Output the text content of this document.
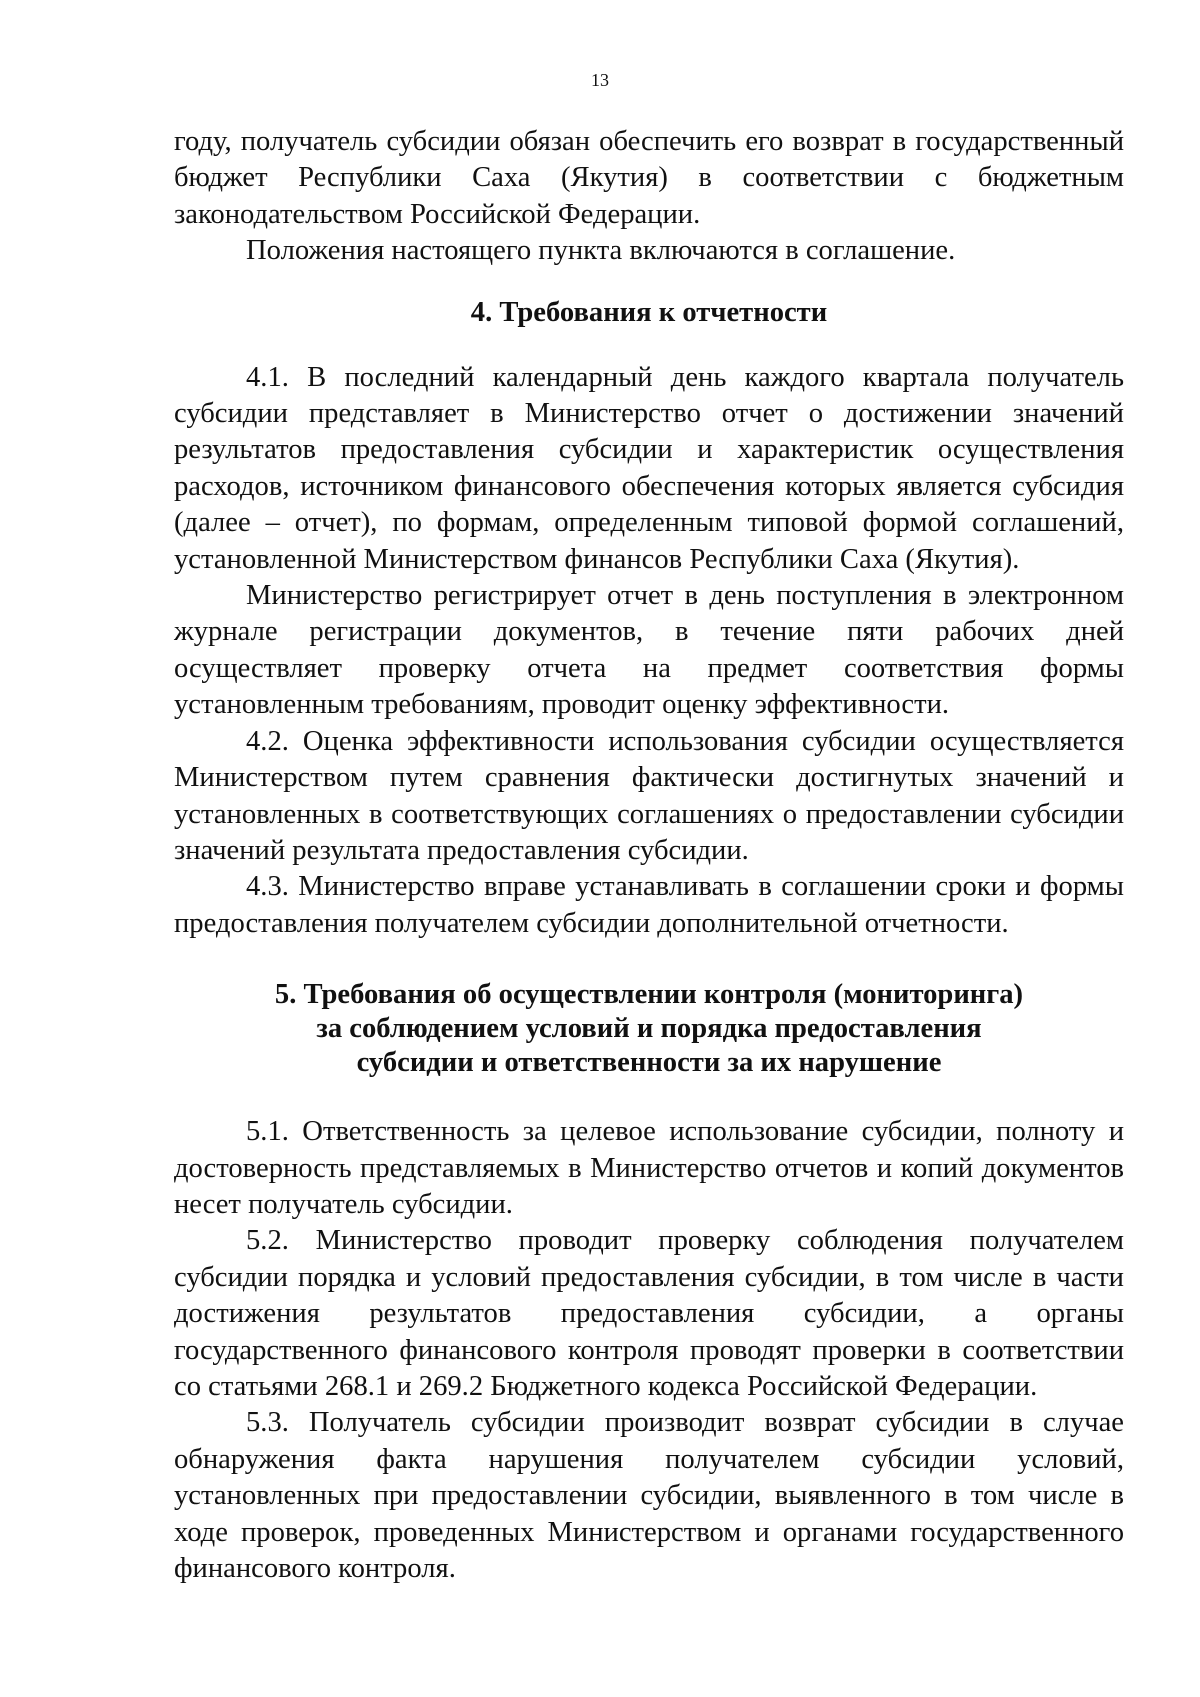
13

году, получатель субсидии обязан обеспечить его возврат в государственный бюджет Республики Саха (Якутия) в соответствии с бюджетным законодательством Российской Федерации.

Положения настоящего пункта включаются в соглашение.

4. Требования к отчетности

4.1. В последний календарный день каждого квартала получатель субсидии представляет в Министерство отчет о достижении значений результатов предоставления субсидии и характеристик осуществления расходов, источником финансового обеспечения которых является субсидия (далее – отчет), по формам, определенным типовой формой соглашений, установленной Министерством финансов Республики Саха (Якутия).

Министерство регистрирует отчет в день поступления в электронном журнале регистрации документов, в течение пяти рабочих дней осуществляет проверку отчета на предмет соответствия формы установленным требованиям, проводит оценку эффективности.

4.2. Оценка эффективности использования субсидии осуществляется Министерством путем сравнения фактически достигнутых значений и установленных в соответствующих соглашениях о предоставлении субсидии значений результата предоставления субсидии.

4.3. Министерство вправе устанавливать в соглашении сроки и формы предоставления получателем субсидии дополнительной отчетности.

5. Требования об осуществлении контроля (мониторинга)
за соблюдением условий и порядка предоставления
субсидии и ответственности за их нарушение

5.1. Ответственность за целевое использование субсидии, полноту и достоверность представляемых в Министерство отчетов и копий документов несет получатель субсидии.

5.2. Министерство проводит проверку соблюдения получателем субсидии порядка и условий предоставления субсидии, в том числе в части достижения результатов предоставления субсидии, а органы государственного финансового контроля проводят проверки в соответствии со статьями 268.1 и 269.2 Бюджетного кодекса Российской Федерации.

5.3. Получатель субсидии производит возврат субсидии в случае обнаружения факта нарушения получателем субсидии условий, установленных при предоставлении субсидии, выявленного в том числе в ходе проверок, проведенных Министерством и органами государственного финансового контроля.
